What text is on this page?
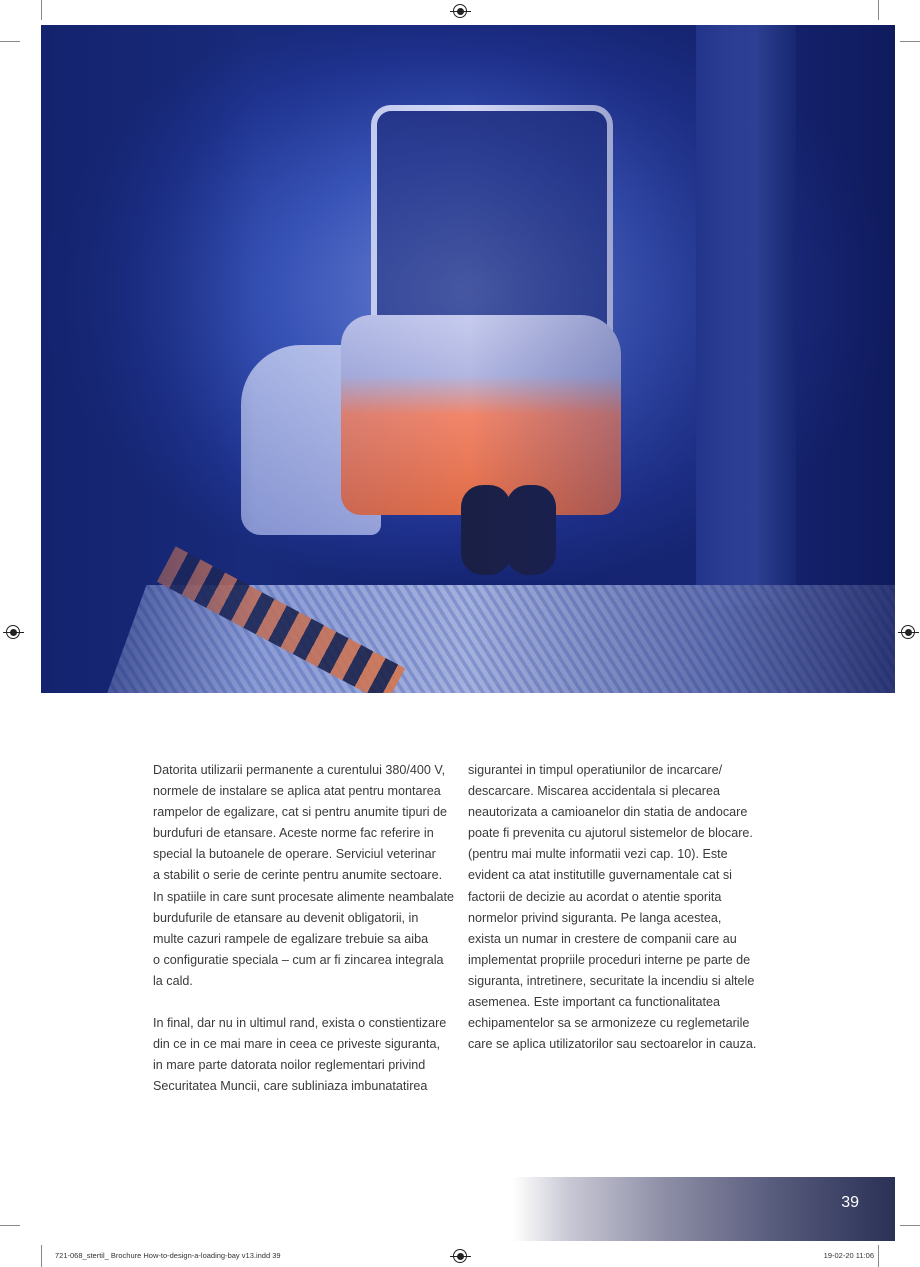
Datorita utilizarii permanente a curentului 380/400 V,
normele de instalare se aplica atat pentru montarea
rampelor de egalizare, cat si pentru anumite tipuri de
burdufuri de etansare. Aceste norme fac referire in
special la butoanele de operare. Serviciul veterinar
a stabilit o serie de cerinte pentru anumite sectoare.
In spatiile in care sunt procesate alimente neambalate
burdufurile de etansare au devenit obligatorii, in
multe cazuri rampele de egalizare trebuie sa aiba
o configuratie speciala – cum ar fi zincarea integrala
la cald.

In final, dar nu in ultimul rand, exista o constientizare
din ce in ce mai mare in ceea ce priveste siguranta,
in mare parte datorata noilor reglementari privind
Securitatea Muncii, care subliniaza imbunatatirea

sigurantei in timpul operatiunilor de incarcare/
descarcare. Miscarea accidentala si plecarea
neautorizata a camioanelor din statia de andocare
poate fi prevenita cu ajutorul sistemelor de blocare.
(pentru mai multe informatii vezi cap. 10). Este
evident ca atat institutille guvernamentale cat si
factorii de decizie au acordat o atentie sporita
normelor privind siguranta. Pe langa acestea,
exista un numar in crestere de companii care au
implementat propriile proceduri interne pe parte de
siguranta, intretinere, securitate la incendiu si altele
asemenea. Este important ca functionalitatea
echipamentelor sa se armonizeze cu reglemetarile
care se aplica utilizatorilor sau sectoarelor in cauza.

39
721-068_stertil_ Brochure How-to-design-a-loading-bay v13.indd 39	19-02-20 11:06
